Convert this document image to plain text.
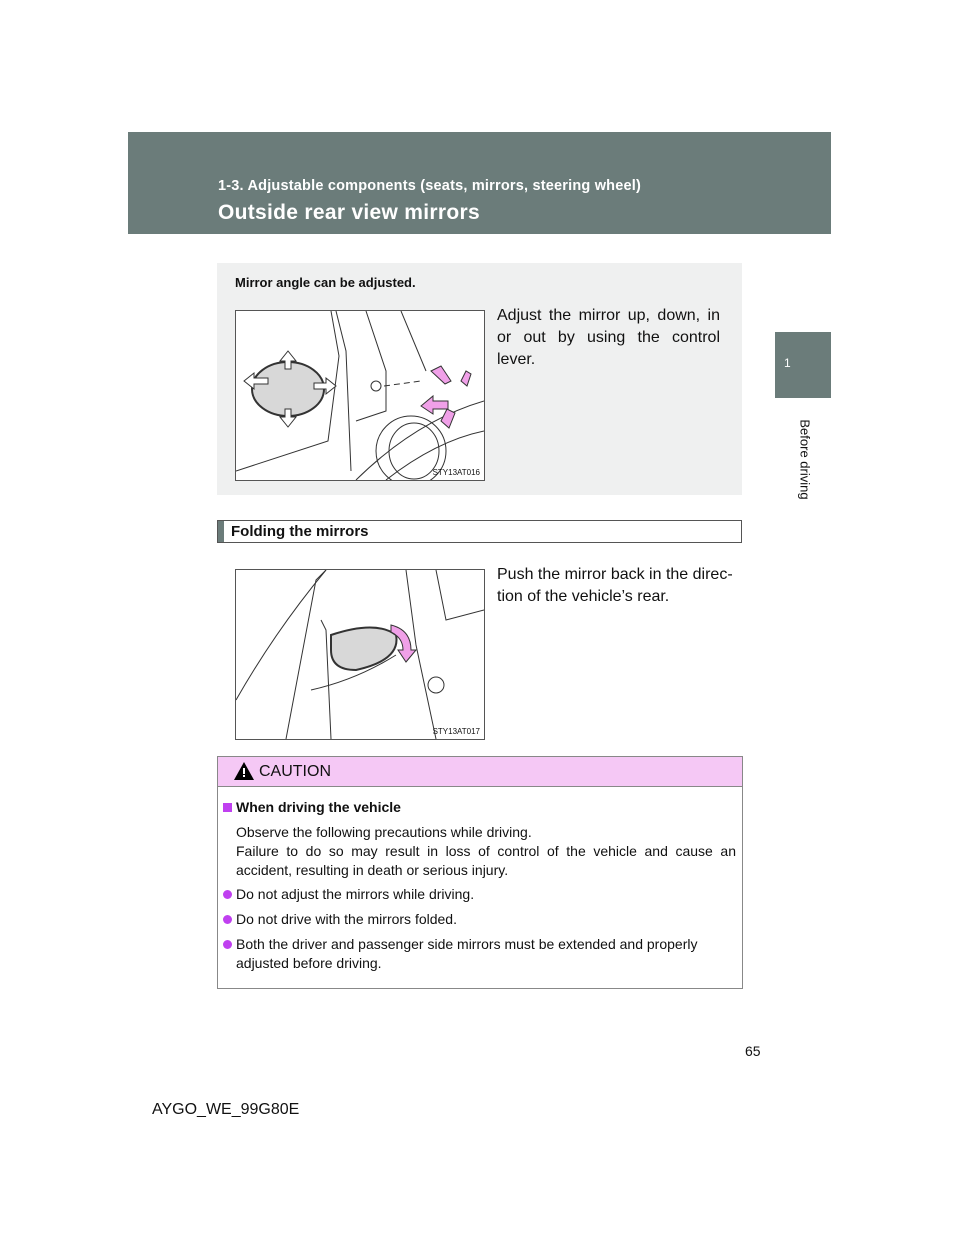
1-3. Adjustable components (seats, mirrors, steering wheel)
Outside rear view mirrors
1
Before driving
Mirror angle can be adjusted.
STY13AT016
Adjust the mirror up, down, in or out by using the control lever.
Folding the mirrors
STY13AT017
Push the mirror back in the direc-tion of the vehicle’s rear.
CAUTION
When driving the vehicle
Observe the following precautions while driving.
Failure to do so may result in loss of control of the vehicle and cause an accident, resulting in death or serious injury.
Do not adjust the mirrors while driving.
Do not drive with the mirrors folded.
Both the driver and passenger side mirrors must be extended and properly adjusted before driving.
65
AYGO_WE_99G80E
